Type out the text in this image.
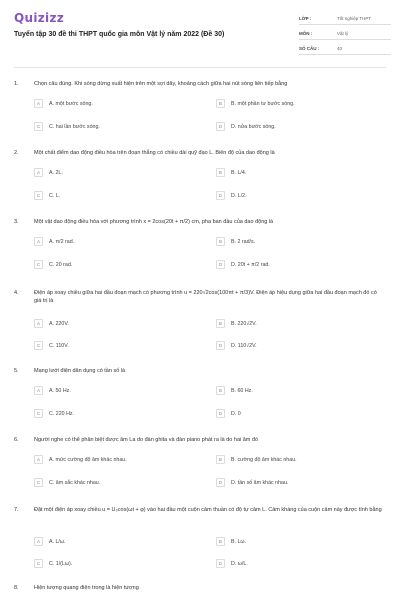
Quizizz
Tuyển tập 30 đề thi THPT quốc gia môn Vật lý năm 2022 (Đề 30)
LỚP :	Tốt nghiệp THPT
MÔN :	Vật lý
SỐ CÂU :	40
1.	Chọn câu đúng. Khi sóng dừng xuất hiện trên một sợi dây, khoảng cách giữa hai nút sóng liên tiếp bằng
A	A. một bước sóng.	B	B. một phần tư bước sóng.
C	C. hai lần bước sóng.	D	D. nửa bước sóng.
2.	Một chất điểm dao động điều hòa trên đoạn thẳng có chiều dài quỹ đạo L. Biên độ của dao động là
A	A. 2L.	B	B. L/4.
C	C. L.	D	D. L/2.
3.	Một vật dao động điều hòa với phương trình x = 2cos(20t + π/2) cm, pha ban đầu của dao động là
A	A. π/2 rad.	B	B. 2 rad/s.
C	C. 20 rad.	D	D. 20t + π/2 rad.
4.	Điện áp xoay chiều giữa hai đầu đoạn mạch có phương trình u = 220√2cos(100πt + π/3)V. Điện áp hiệu dụng giữa hai đầu đoạn mạch đó có giá trị là
A	A. 220V.	B	B. 220√2V.
C	C. 110V.	D	D. 110√2V.
5.	Mạng lưới điện dân dụng có tần số là
A	A. 50 Hz.	B	B. 60 Hz.
C	C. 220 Hz.	D	D. 0
6.	Người nghe có thể phân biệt được âm La do đàn ghita và đàn piano phát ra là do hai âm đó
A	A. mức cường độ âm khác nhau.	B	B. cường độ âm khác nhau.
C	C. âm sắc khác nhau.	D	D. tần số âm khác nhau.
7.	Đặt một điện áp xoay chiều u = U₀cos(ωt + φ) vào hai đầu một cuộn cảm thuần có độ tự cảm L. Cảm kháng của cuộn cảm này được tính bằng
A	A. L/ω.	B	B. Lω.
C	C. 1/(Lω).	D	D. ω/L.
8.	Hiện tượng quang điện trong là hiện tượng
